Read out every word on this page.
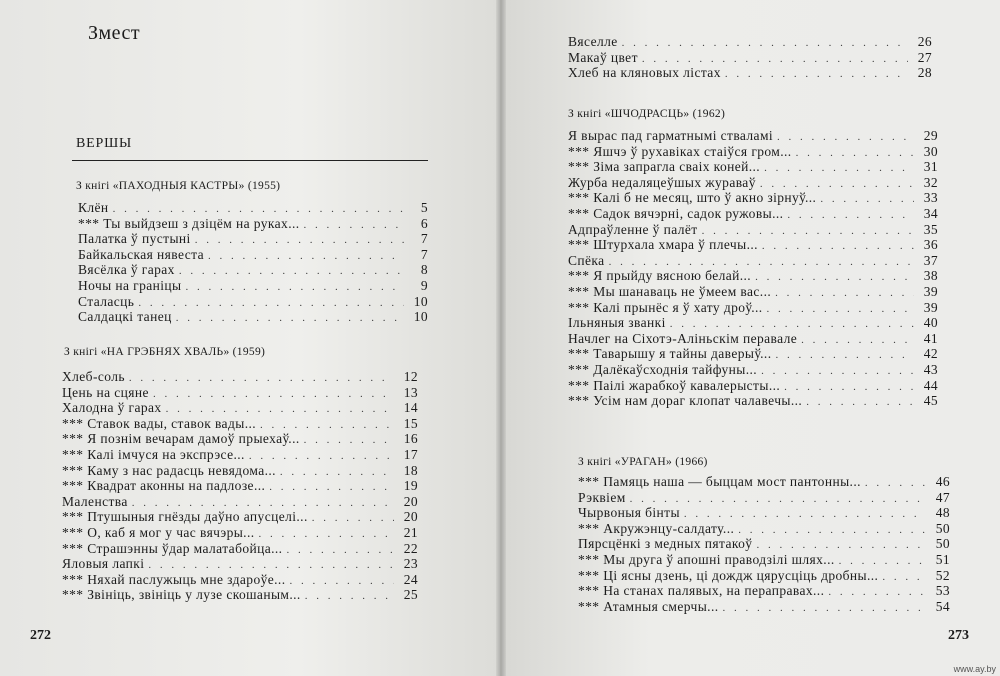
Змест
ВЕРШЫ
З кнігі «ПАХОДНЫЯ КАСТРЫ» (1955)
Клён . . .	5
*** Ты выйдзеш з дзіцём на руках... . . .	6
Палатка ў пустыні . . .	7
Байкальская нявеста . . .	7
Вясёлка ў гарах . . .	8
Ночы на граніцы . . .	9
Сталасць . . .	10
Салдацкі танец . . .	10
З кнігі «НА ГРЭБНЯХ ХВАЛЬ» (1959)
Хлеб-соль . . .	12
Цень на сцяне . . .	13
Халодна ў гарах . . .	14
*** Ставок вады, ставок вады... . . .	15
*** Я познім вечарам дамоў прыехаў... . . .	16
*** Калі імчуся на экспрэсе... . . .	17
*** Каму з нас радасць невядома... . . .	18
*** Квадрат аконны на падлозе... . . .	19
Маленства . . .	20
*** Птушыныя гнёзды даўно апусцелі... . . .	20
*** О, каб я мог у час вячэры... . . .	21
*** Страшэнны ўдар малатабойца... . . .	22
Яловыя лапкі . . .	23
*** Няхай паслужыць мне здароўе... . . .	24
*** Звініць, звініць у лузе скошаным... . . .	25
272
Вяселле . . .	26
Макаў цвет . . .	27
Хлеб на кляновых лістах . . .	28
З кнігі «ШЧОДРАСЦЬ» (1962)
Я вырас пад гарматнымі стваламі . . .	29
*** Яшчэ ў рухавіках стаіўся гром... . . .	30
*** Зіма запрагла сваіх коней... . . .	31
Журба недаляцеўшых жураваў . . .	32
*** Калі б не месяц, што ў акно зірнуў... . . .	33
*** Садок вячэрні, садок ружовы... . . .	34
Адпраўленне ў палёт . . .	35
*** Штурхала хмара ў плечы... . . .	36
Спёка . . .	37
*** Я прыйду вясною белай... . . .	38
*** Мы шанаваць не ўмеем вас... . . .	39
*** Калі прынёс я ў хату дроў... . . .	39
Ільняныя званкі . . .	40
Начлег на Сіхотэ-Аліньскім перавале . . .	41
*** Таварышу я тайны даверыў... . . .	42
*** Далёкаўсходнія тайфуны... . . .	43
*** Паілі жарабкоў кавалерысты... . . .	44
*** Усім нам дораг клопат чалавечы... . . .	45
З кнігі «УРАГАН» (1966)
*** Памяць наша — быццам мост пантонны... . . .	46
Рэквіем . . .	47
Чырвоныя бінты . . .	48
*** Акружэнцу-салдату... . . .	50
Пярсцёнкі з медных пятакоў . . .	50
*** Мы друга ў апошні праводзілі шлях... . . .	51
*** Ці ясны дзень, ці дождж цярусціць дробны... . . .	52
*** На станах палявых, на пераправах... . . .	53
*** Атамныя смерчы... . . .	54
273
www.ay.by
